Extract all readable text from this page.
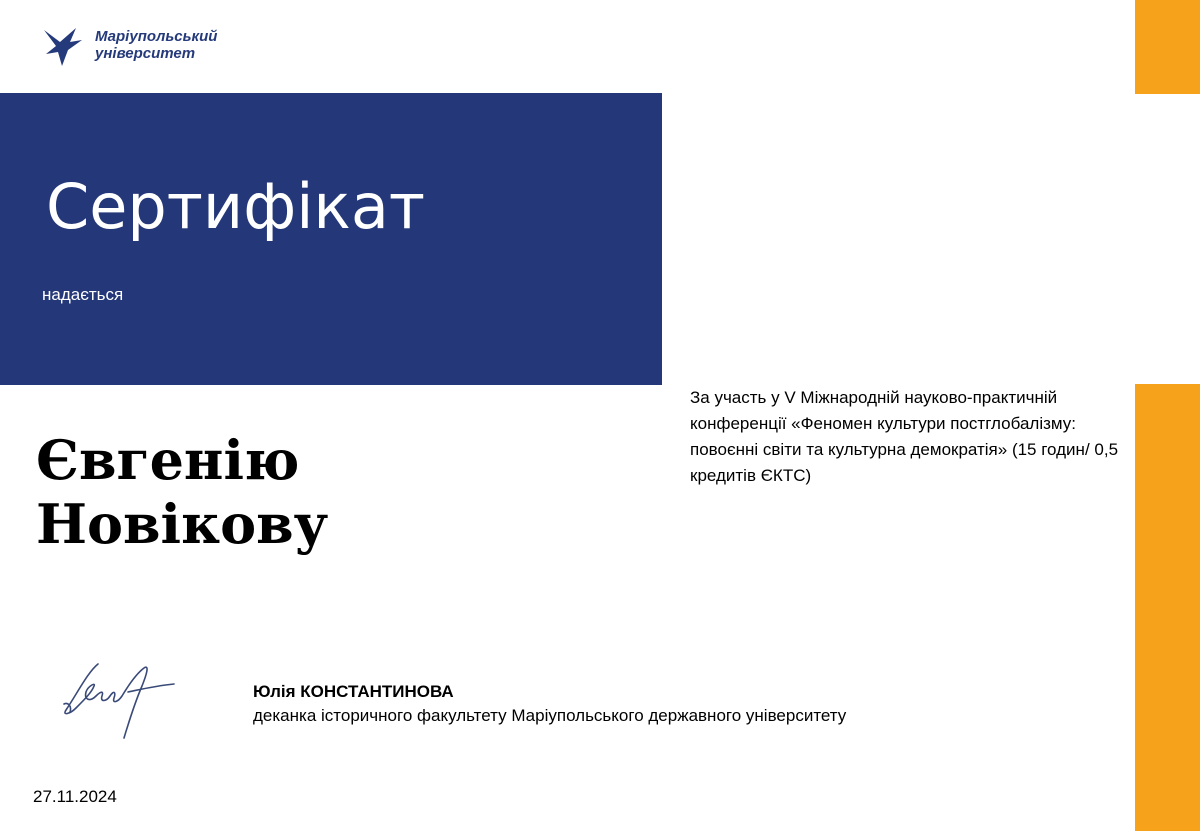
Маріупольський
університет
Сертифікат
надається
Євгенію
Новікову
За участь у V Міжнародній науково-практичній конференції «Феномен культури постглобалізму: повоєнні світи та культурна демократія» (15 годин/ 0,5 кредитів ЄКТС)
Юлія КОНСТАНТИНОВА
деканка історичного факультету Маріупольського державного університету
27.11.2024
